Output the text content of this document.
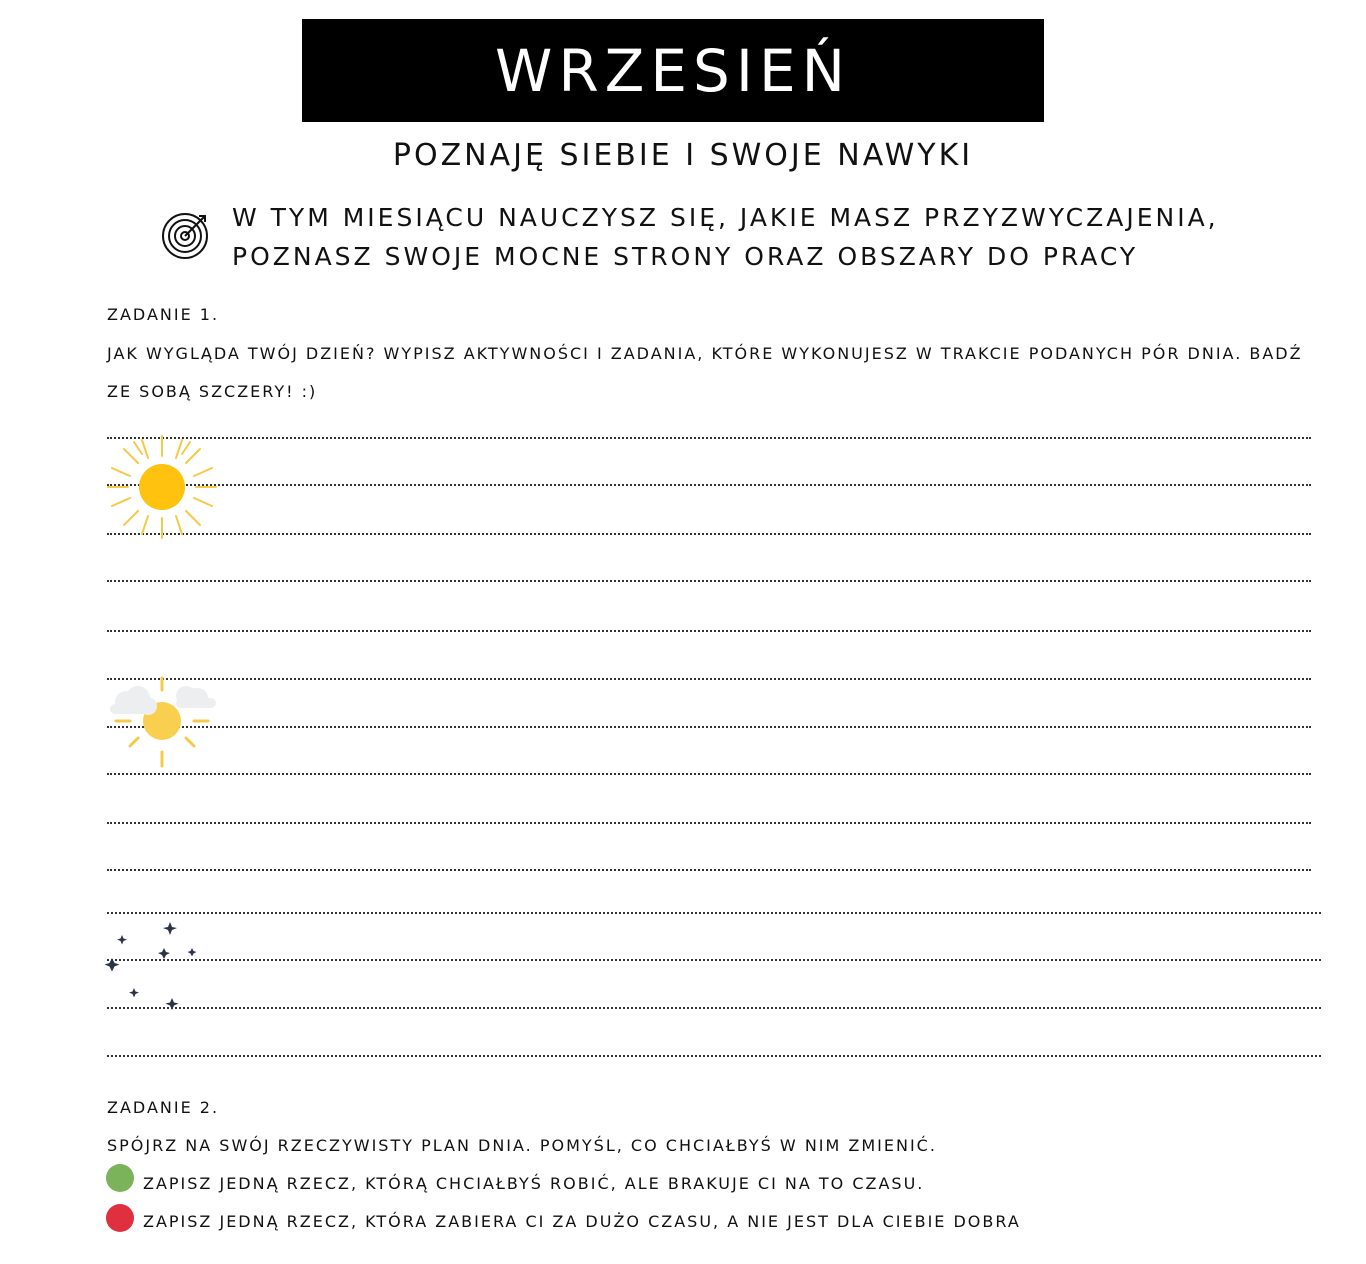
WRZESIEŃ
POZNAJĘ SIEBIE I SWOJE NAWYKI
W TYM MIESIĄCU NAUCZYSZ SIĘ, JAKIE MASZ PRZYZWYCZAJENIA,
POZNASZ SWOJE MOCNE STRONY ORAZ OBSZARY DO PRACY
ZADANIE 1.
JAK WYGLĄDA TWÓJ DZIEŃ? WYPISZ AKTYWNOŚCI I ZADANIA, KTÓRE WYKONUJESZ W TRAKCIE PODANYCH PÓR DNIA. BADŹ
ZE SOBĄ SZCZERY! :)
ZADANIE 2.
SPÓJRZ NA SWÓJ RZECZYWISTY PLAN DNIA. POMYŚL, CO CHCIAŁBYŚ W NIM ZMIENIĆ.
ZAPISZ JEDNĄ RZECZ, KTÓRĄ CHCIAŁBYŚ ROBIĆ, ALE BRAKUJE CI NA TO CZASU.
ZAPISZ JEDNĄ RZECZ, KTÓRA ZABIERA CI ZA DUŻO CZASU, A NIE JEST DLA CIEBIE DOBRA
